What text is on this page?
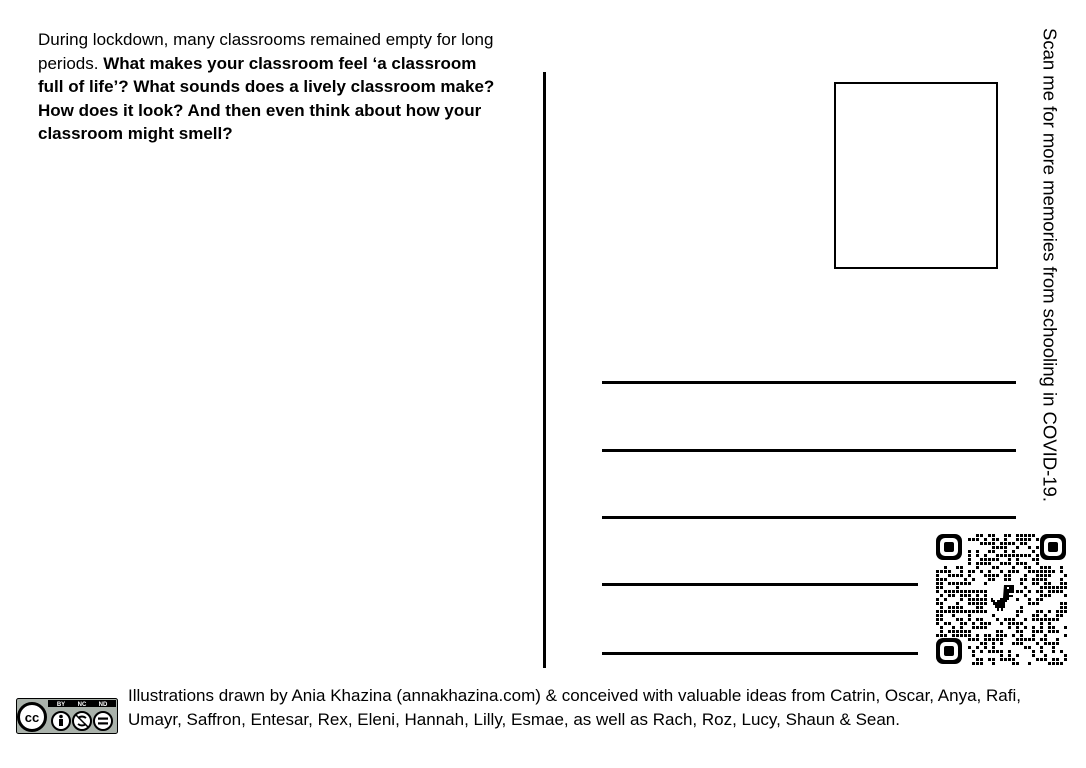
During lockdown, many classrooms remained empty for long periods. What makes your classroom feel ‘a classroom full of life’? What sounds does a lively classroom make? How does it look? And then even think about how your classroom might smell?	Scan me for more memories from schooling in COVID-19.
BY NC ND
cc
Illustrations drawn by Ania Khazina (annakhazina.com) & conceived with valuable ideas from Catrin, Oscar, Anya, Rafi, Umayr, Saffron, Entesar, Rex, Eleni, Hannah, Lilly, Esmae, as well as Rach, Roz, Lucy, Shaun & Sean.
